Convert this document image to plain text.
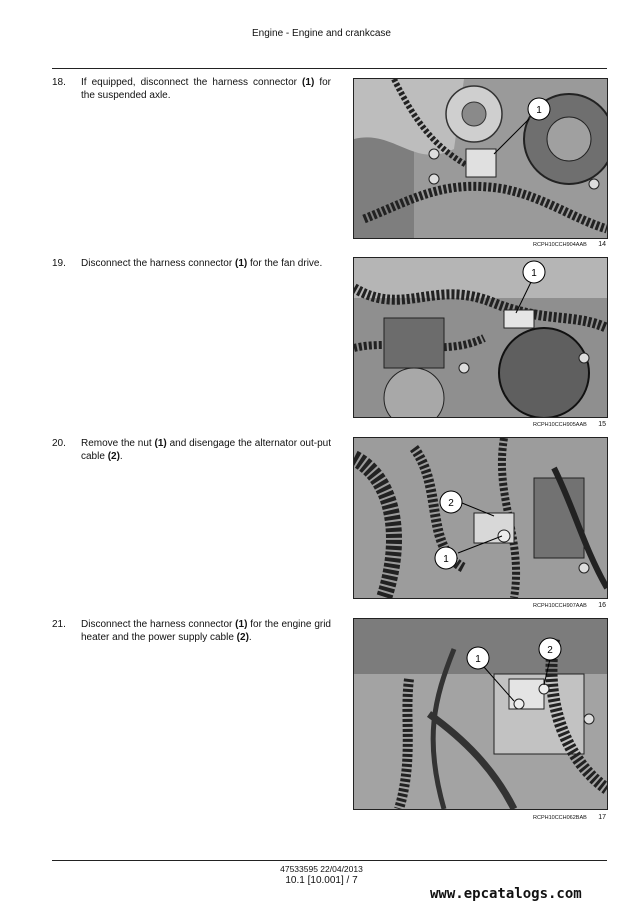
Engine - Engine and crankcase
18.	If equipped, disconnect the harness connector (1) for the suspended axle.
1
RCPH10CCH904AAB 14
19.	Disconnect the harness connector (1) for the fan drive.
1
RCPH10CCH905AAB 15
20.	Remove the nut (1) and disengage the alternator out-put cable (2).
2
1
RCPH10CCH907AAB 16
21.	Disconnect the harness connector (1) for the engine grid heater and the power supply cable (2).
1
2
RCPH10CCH062BAB 17
47533595 22/04/2013
10.1 [10.001] / 7
www.epcatalogs.com
